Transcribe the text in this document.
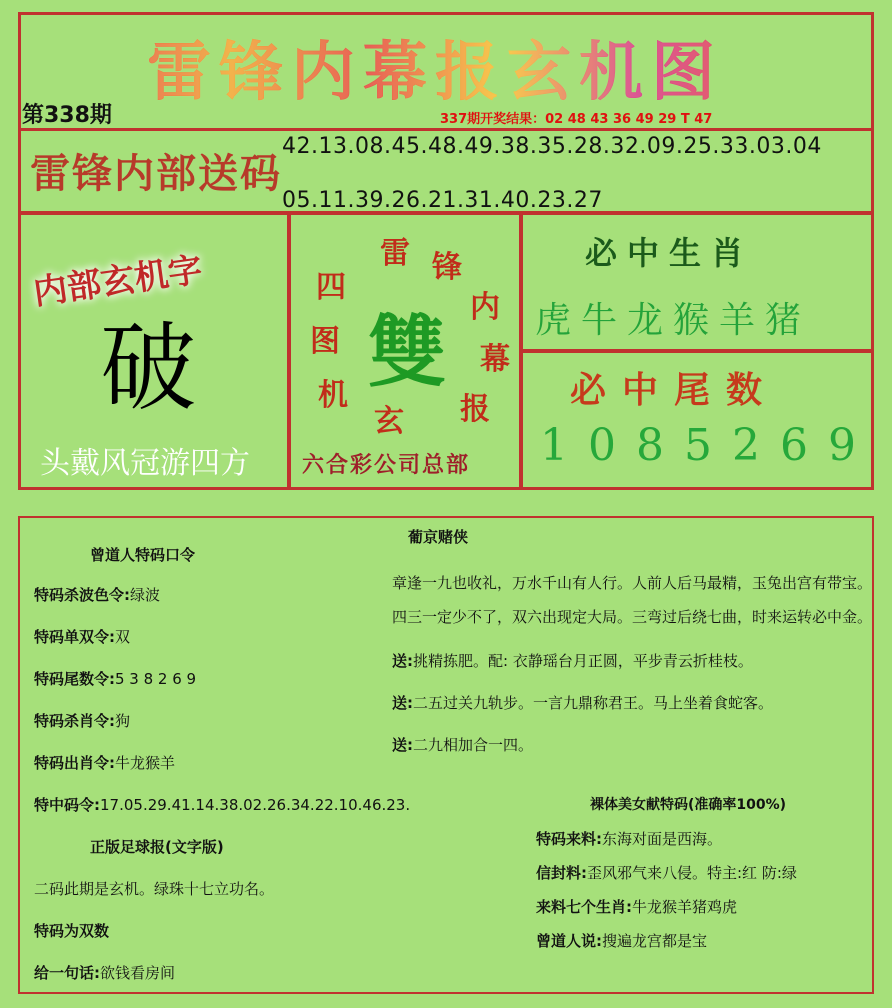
雷锋内幕报玄机图
第338期	337期开奖结果：02 48 43 36 49 29 T 47
雷锋内部送码
42.13.08.45.48.49.38.35.28.32.09.25.33.03.04
05.11.39.26.21.31.40.23.27
内部玄机字
破
头戴风冠游四方
雷 锋
内
幕
报
玄
机
图
四
雙
六合彩公司总部
必中生肖
虎牛龙猴羊猪
必中尾数
1085269
曾道人特码口令
特码杀波色令:绿波
特码单双令:双
特码尾数令:5 3 8 2 6 9
特码杀肖令:狗
特码出肖令:牛龙猴羊
特中码令:17.05.29.41.14.38.02.26.34.22.10.46.23.
正版足球报(文字版)
二码此期是玄机。绿珠十七立功名。
特码为双数
给一句话:欲钱看房间
葡京赌侠
章逢一九也收礼，万水千山有人行。人前人后马最精，玉兔出宫有带宝。
四三一定少不了，双六出现定大局。三弯过后绕七曲，时来运转必中金。
送:挑精拣肥。配: 衣静瑶台月正圆，平步青云折桂枝。
送:二五过关九轨步。一言九鼎称君王。马上坐着食蛇客。
送:二九相加合一四。
裸体美女献特码(准确率100%)
特码来料:东海对面是西海。
信封料:歪风邪气来八侵。特主:红 防:绿
来料七个生肖:牛龙猴羊猪鸡虎
曾道人说:搜遍龙宫都是宝
